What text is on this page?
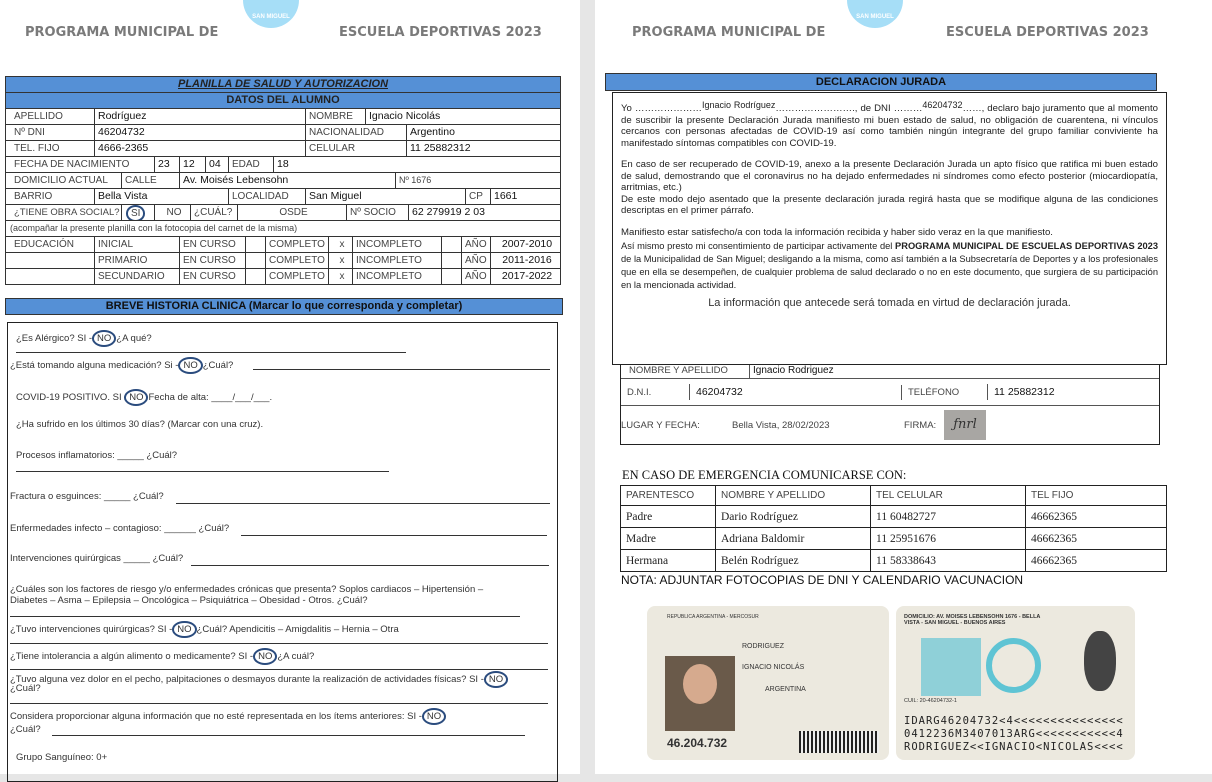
PROGRAMA MUNICIPAL DE
SAN MIGUEL
ESCUELA DEPORTIVAS 2023
PLANILLA DE SALUD Y AUTORIZACION
DATOS DEL ALUMNO
APELLIDO	Rodríguez	NOMBRE	Ignacio Nicolás
Nº DNI	46204732	NACIONALIDAD	Argentino
TEL. FIJO	4666-2365	CELULAR	11 25882312
FECHA DE NACIMIENTO	23	12	04	EDAD	18
DOMICILIO ACTUAL	CALLE	Av. Moisés Lebensohn	Nº 1676
BARRIO	Bella Vista	LOCALIDAD	San Miguel	CP	1661
¿TIENE OBRA SOCIAL?	SI	NO	¿CUÁL?	OSDE	Nº SOCIO	62 279919 2 03
(acompañar la presente planilla con la fotocopia del carnet de la misma)
EDUCACIÓN	INICIAL	EN CURSO	COMPLETO	x	INCOMPLETO	AÑO	2007-2010
PRIMARIO	EN CURSO	COMPLETO	x	INCOMPLETO	AÑO	2011-2016
SECUNDARIO	EN CURSO	COMPLETO	x	INCOMPLETO	AÑO	2017-2022
BREVE HISTORIA CLINICA (Marcar lo que corresponda y completar)
¿Es Alérgico? SI - NO ¿A qué?
¿Está tomando alguna medicación? Si - NO ¿Cuál?
COVID-19 POSITIVO. SI NO Fecha de alta: ____/___/___.
¿Ha sufrido en los últimos 30 días? (Marcar con una cruz).
Procesos inflamatorios: _____ ¿Cuál?
Fractura o esguinces: _____ ¿Cuál?
Enfermedades infecto – contagioso: ______ ¿Cuál?
Intervenciones quirúrgicas _____ ¿Cuál?
¿Cuáles son los factores de riesgo y/o enfermedades crónicas que presenta? Soplos cardiacos – Hipertensión –
Diabetes – Asma – Epilepsia – Oncológica – Psiquiátrica – Obesidad - Otros. ¿Cuál?
¿Tuvo intervenciones quirúrgicas? SI - NO ¿Cuál? Apendicitis – Amigdalitis – Hernia – Otra
¿Tiene intolerancia a algún alimento o medicamente? SI - NO ¿A cuál?
¿Tuvo alguna vez dolor en el pecho, palpitaciones o desmayos durante la realización de actividades físicas? SI - NO
¿Cuál?
Considera proporcionar alguna información que no esté representada en los ítems anteriores: SI - NO
¿Cuál?
Grupo Sanguíneo: 0+
PROGRAMA MUNICIPAL DE
SAN MIGUEL
ESCUELA DEPORTIVAS 2023
DECLARACION JURADA

Yo …………………Ignacio Rodríguez……………………., de DNI ………46204732……, declaro bajo juramento que al momento de suscribir la presente Declaración Jurada manifiesto mi buen estado de salud, no obligación de cuarentena, ni vínculos cercanos con personas afectadas de COVID-19 así como también ningún integrante del grupo familiar conviviente ha manifestado síntomas compatibles con COVID-19.

En caso de ser recuperado de COVID-19, anexo a la presente Declaración Jurada un apto físico que ratifica mi buen estado de salud, demostrando que el coronavirus no ha dejado enfermedades ni síndromes como efecto posterior (miocardiopatía, arritmias, etc.)

De este modo dejo asentado que la presente declaración jurada regirá hasta que se modifique alguna de las condiciones descriptas en el primer párrafo.

Manifiesto estar satisfecho/a con toda la información recibida y haber sido veraz en la que manifiesto.

Así mismo presto mi consentimiento de participar activamente del PROGRAMA MUNICIPAL DE ESCUELAS DEPORTIVAS 2023 de la Municipalidad de San Miguel; desligando a la misma, como así también a la Subsecretaría de Deportes y a los profesionales que en ella se desempeñen, de cualquier problema de salud declarado o no en este documento, que surgiera de su participación en la mencionada actividad.

La información que antecede será tomada en virtud de declaración jurada.

NOMBRE Y APELLIDO	Ignacio Rodriguez
D.N.I.	46204732	TELÉFONO	11 25882312
LUGAR Y FECHA:	Bella Vista, 28/02/2023	FIRMA:	ƒnrl
EN CASO DE EMERGENCIA COMUNICARSE CON:
NOTA: ADJUNTAR FOTOCOPIAS DE DNI Y CALENDARIO VACUNACION
REPUBLICA ARGENTINA - MERCOSUR
RODRIGUEZ
IGNACIO NICOLÁS
ARGENTINA
46.204.732
DOMICILIO: AV. MOISES LEBENSOHN 1676 - BELLA VISTA - SAN MIGUEL - BUENOS AIRES
CUIL: 20-46204732-1
IDARG46204732<4<<<<<<<<<<<<<<<
0412236M3407013ARG<<<<<<<<<<<4
RODRIGUEZ<<IGNACIO<NICOLAS<<<<
PARENTESCO	NOMBRE Y APELLIDO	TEL CELULAR	TEL FIJO
Padre	Dario Rodríguez	11 60482727	46662365
Madre	Adriana Baldomir	11 25951676	46662365
Hermana	Belén Rodríguez	11 58338643	46662365
